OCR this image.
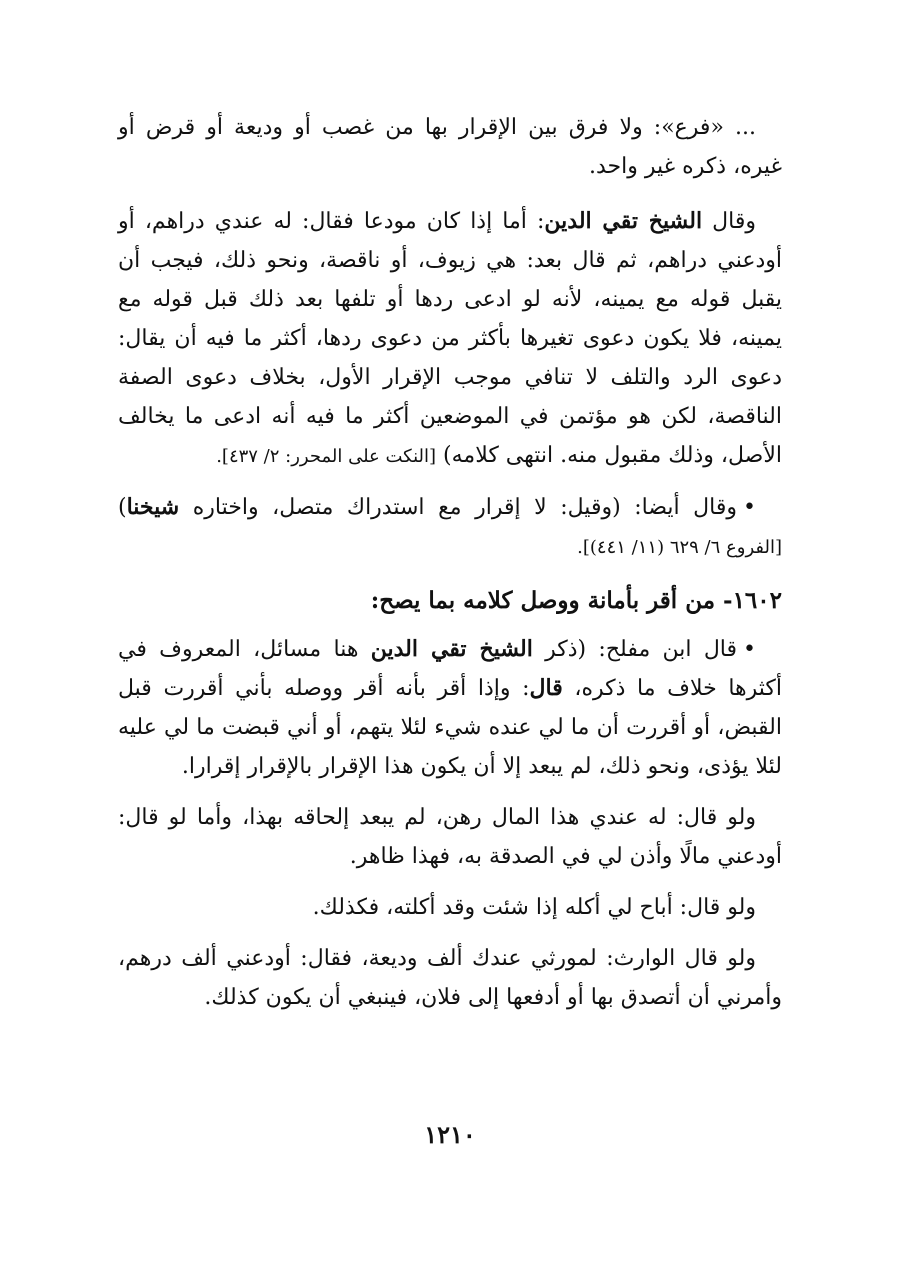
... «فرع»: ولا فرق بين الإقرار بها من غصب أو وديعة أو قرض أو غيره، ذكره غير واحد.

وقال الشيخ تقي الدين: أما إذا كان مودعا فقال: له عندي دراهم، أو أودعني دراهم، ثم قال بعد: هي زيوف، أو ناقصة، ونحو ذلك، فيجب أن يقبل قوله مع يمينه، لأنه لو ادعى ردها أو تلفها بعد ذلك قبل قوله مع يمينه، فلا يكون دعوى تغيرها بأكثر من دعوى ردها، أكثر ما فيه أن يقال: دعوى الرد والتلف لا تنافي موجب الإقرار الأول، بخلاف دعوى الصفة الناقصة، لكن هو مؤتمن في الموضعين أكثر ما فيه أنه ادعى ما يخالف الأصل، وذلك مقبول منه. انتهى كلامه) [النكت على المحرر: ٢/ ٤٣٧].

•وقال أيضا: (وقيل: لا إقرار مع استدراك متصل، واختاره شيخنا) [الفروع ٦/ ٦٢٩ (١١/ ٤٤١)].

١٦٠٢-من أقر بأمانة ووصل كلامه بما يصح:

•قال ابن مفلح: (ذكر الشيخ تقي الدين هنا مسائل، المعروف في أكثرها خلاف ما ذكره، قال: وإذا أقر بأنه أقر ووصله بأني أقررت قبل القبض، أو أقررت أن ما لي عنده شيء لئلا يتهم، أو أني قبضت ما لي عليه لئلا يؤذى، ونحو ذلك، لم يبعد إلا أن يكون هذا الإقرار بالإقرار إقرارا.

ولو قال: له عندي هذا المال رهن، لم يبعد إلحاقه بهذا، وأما لو قال: أودعني مالًا وأذن لي في الصدقة به، فهذا ظاهر.

ولو قال: أباح لي أكله إذا شئت وقد أكلته، فكذلك.

ولو قال الوارث: لمورثي عندك ألف وديعة، فقال: أودعني ألف درهم، وأمرني أن أتصدق بها أو أدفعها إلى فلان، فينبغي أن يكون كذلك.

١٢١٠
